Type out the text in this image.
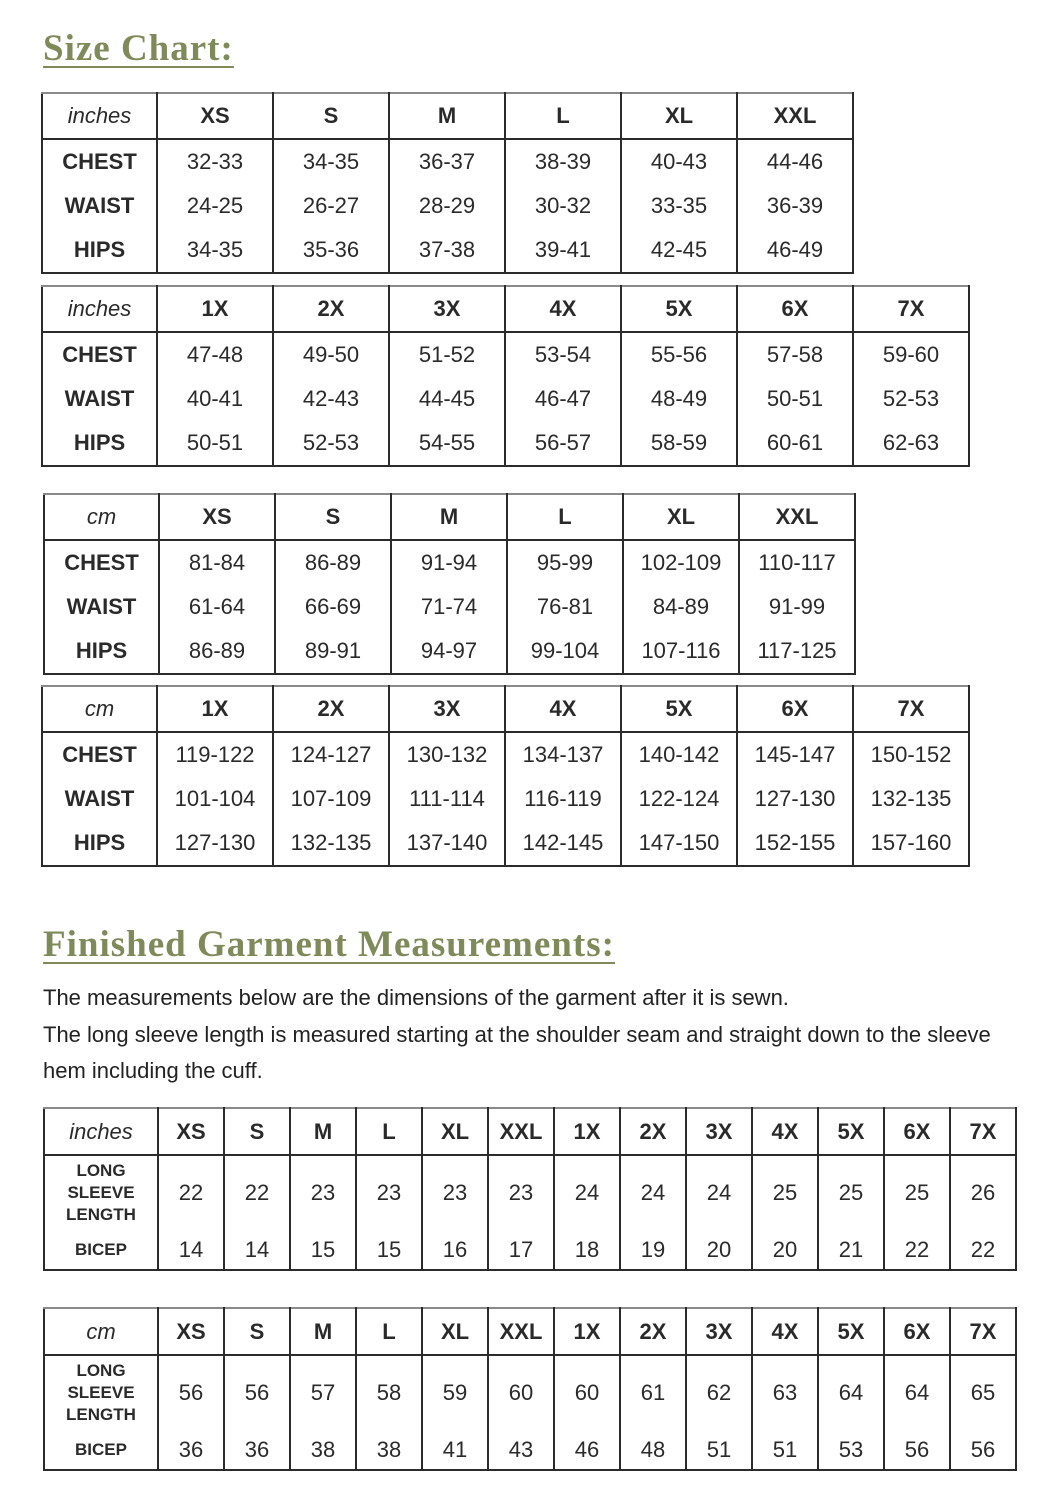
Size Chart:
inches	XS	S	M	L	XL	XXL
CHEST	32-33	34-35	36-37	38-39	40-43	44-46
WAIST	24-25	26-27	28-29	30-32	33-35	36-39
HIPS	34-35	35-36	37-38	39-41	42-45	46-49
inches	1X	2X	3X	4X	5X	6X	7X
CHEST	47-48	49-50	51-52	53-54	55-56	57-58	59-60
WAIST	40-41	42-43	44-45	46-47	48-49	50-51	52-53
HIPS	50-51	52-53	54-55	56-57	58-59	60-61	62-63
cm	XS	S	M	L	XL	XXL
CHEST	81-84	86-89	91-94	95-99	102-109	110-117
WAIST	61-64	66-69	71-74	76-81	84-89	91-99
HIPS	86-89	89-91	94-97	99-104	107-116	117-125
cm	1X	2X	3X	4X	5X	6X	7X
CHEST	119-122	124-127	130-132	134-137	140-142	145-147	150-152
WAIST	101-104	107-109	111-114	116-119	122-124	127-130	132-135
HIPS	127-130	132-135	137-140	142-145	147-150	152-155	157-160
Finished Garment Measurements:

The measurements below are the dimensions of the garment after it is sewn.

The long sleeve length is measured starting at the shoulder seam and straight down to the sleeve hem including the cuff.

inches	XS	S	M	L	XL	XXL	1X	2X	3X	4X	5X	6X	7X
LONG SLEEVE LENGTH	22	22	23	23	23	23	24	24	24	25	25	25	26
BICEP	14	14	15	15	16	17	18	19	20	20	21	22	22
cm	XS	S	M	L	XL	XXL	1X	2X	3X	4X	5X	6X	7X
LONG SLEEVE LENGTH	56	56	57	58	59	60	60	61	62	63	64	64	65
BICEP	36	36	38	38	41	43	46	48	51	51	53	56	56
